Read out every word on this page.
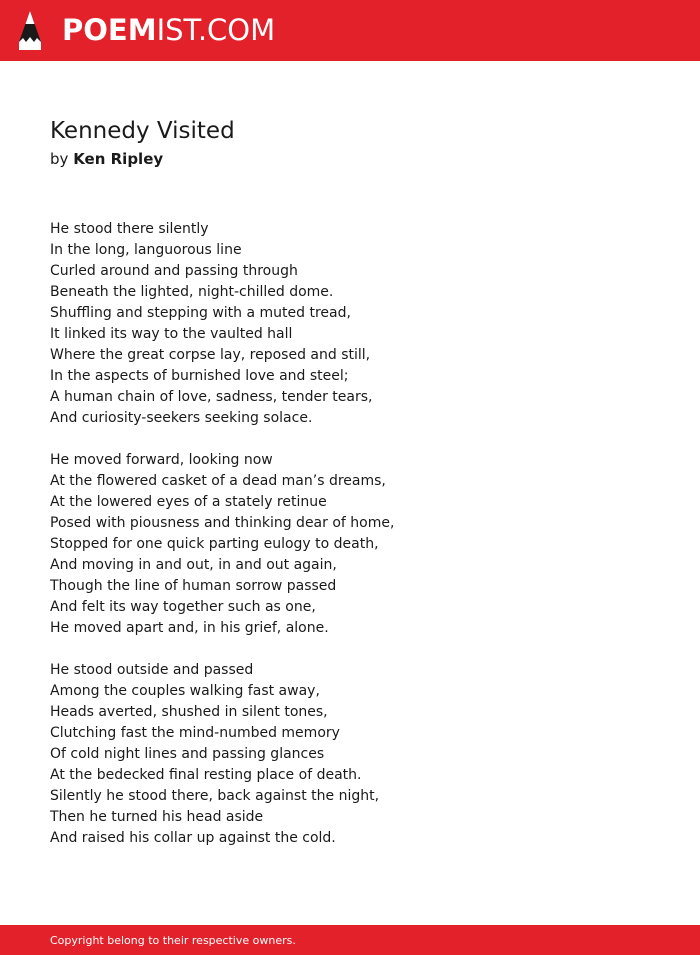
POEMIST.COM
Kennedy Visited
by Ken Ripley
He stood there silently
In the long, languorous line
Curled around and passing through
Beneath the lighted, night-chilled dome.
Shuffling and stepping with a muted tread,
It linked its way to the vaulted hall
Where the great corpse lay, reposed and still,
In the aspects of burnished love and steel;
A human chain of love, sadness, tender tears,
And curiosity-seekers seeking solace.
He moved forward, looking now
At the flowered casket of a dead man’s dreams,
At the lowered eyes of a stately retinue
Posed with piousness and thinking dear of home,
Stopped for one quick parting eulogy to death,
And moving in and out, in and out again,
Though the line of human sorrow passed
And felt its way together such as one,
He moved apart and, in his grief, alone.
He stood outside and passed
Among the couples walking fast away,
Heads averted, shushed in silent tones,
Clutching fast the mind-numbed memory
Of cold night lines and passing glances
At the bedecked final resting place of death.
Silently he stood there, back against the night,
Then he turned his head aside
And raised his collar up against the cold.
Copyright belong to their respective owners.
